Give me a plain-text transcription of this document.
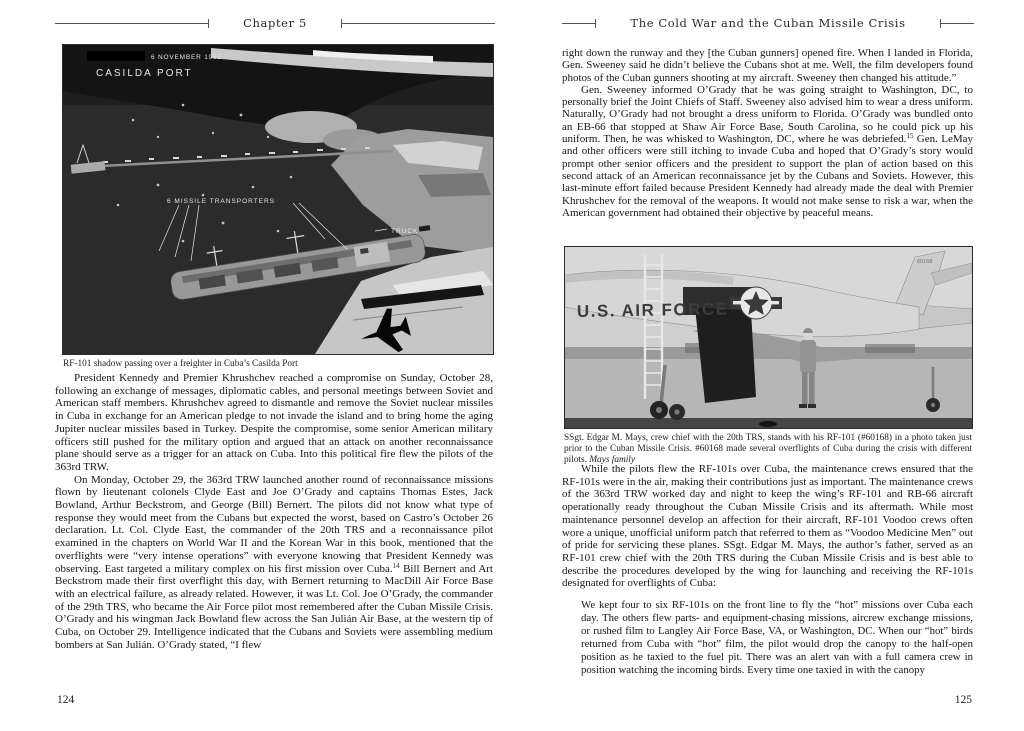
Chapter 5
6 NOVEMBER 1962
CASILDA PORT
6 MISSILE TRANSPORTERS
TRUCK
RF-101 shadow passing over a freighter in Cuba’s Casilda Port

President Kennedy and Premier Khrushchev reached a compromise on Sunday, October 28, following an exchange of messages, diplomatic cables, and personal meetings between Soviet and American staff members. Khrushchev agreed to dismantle and remove the Soviet nuclear missiles in Cuba in exchange for an American pledge to not invade the island and to bring home the aging Jupiter nuclear missiles based in Turkey. Despite the compromise, some senior American military officers still pushed for the military option and argued that an attack on another reconnaissance plane should serve as a trigger for an attack on Cuba. Into this political fire flew the pilots of the 363rd TRW.

On Monday, October 29, the 363rd TRW launched another round of reconnaissance missions flown by lieutenant colonels Clyde East and Joe O’Grady and captains Thomas Estes, Jack Bowland, Arthur Beckstrom, and George (Bill) Bernert. The pilots did not know what type of response they would meet from the Cubans but expected the worst, based on Castro’s October 26 declaration. Lt. Col. Clyde East, the commander of the 20th TRS and a reconnaissance pilot examined in the chapters on World War II and the Korean War in this book, mentioned that the overflights were “very intense operations” with everyone knowing that President Kennedy was observing. East targeted a military complex on his first mission over Cuba.$^{14}$ Bill Bernert and Art Beckstrom made their first overflight this day, with Bernert returning to MacDill Air Force Base with an electrical failure, as already related. However, it was Lt. Col. Joe O’Grady, the commander of the 29th TRS, who became the Air Force pilot most remembered after the Cuban Missile Crisis. O’Grady and his wingman Jack Bowland flew across the San Julián Air Base, at the western tip of Cuba, on October 29. Intelligence indicated that the Cubans and Soviets were assembling medium bombers at San Julián. O’Grady stated, “I flew

124
The Cold War and the Cuban Missile Crisis

right down the runway and they [the Cuban gunners] opened fire. When I landed in Florida, Gen. Sweeney said he didn’t believe the Cubans shot at me. Well, the film developers found photos of the Cuban gunners shooting at my aircraft. Sweeney then changed his attitude.”

Gen. Sweeney informed O’Grady that he was going straight to Washington, DC, to personally brief the Joint Chiefs of Staff. Sweeney also advised him to wear a dress uniform. Naturally, O’Grady had not brought a dress uniform to Florida. O’Grady was bundled onto an EB-66 that stopped at Shaw Air Force Base, South Carolina, so he could pick up his uniform. Then, he was whisked to Washington, DC, where he was debriefed.$^{15}$ Gen. LeMay and other officers were still itching to invade Cuba and hoped that O’Grady’s story would prompt other senior officers and the president to support the plan of action based on this second attack of an American reconnaissance jet by the Cubans and Soviets. However, this last-minute effort failed because President Kennedy had already made the deal with Premier Khrushchev for the removal of the weapons. It would not make sense to risk a war, when the American government had obtained their objective by peaceful means.

U.S. AIR FORCE
60168
SSgt. Edgar M. Mays, crew chief with the 20th TRS, stands with his RF-101 (#60168) in a photo taken just prior to the Cuban Missile Crisis. #60168 made several overflights of Cuba during the crisis with different pilots. Mays family

While the pilots flew the RF-101s over Cuba, the maintenance crews ensured that the RF-101s were in the air, making their contributions just as important. The maintenance crews of the 363rd TRW worked day and night to keep the wing’s RF-101 and RB-66 aircraft operationally ready throughout the Cuban Missile Crisis and its aftermath. While most maintenance personnel develop an affection for their aircraft, RF-101 Voodoo crews often wore a unique, unofficial uniform patch that referred to them as “Voodoo Medicine Men” out of pride for servicing these planes. SSgt. Edgar M. Mays, the author’s father, served as an RF-101 crew chief with the 20th TRS during the Cuban Missile Crisis and is best able to describe the procedures developed by the wing for launching and receiving the RF-101s designated for overflights of Cuba:

We kept four to six RF-101s on the front line to fly the “hot” missions over Cuba each day. The others flew parts- and equipment-chasing missions, aircrew exchange missions, or rushed film to Langley Air Force Base, VA, or Washington, DC. When our “hot” birds returned from Cuba with “hot” film, the pilot would drop the canopy to the half-open position as he taxied to the fuel pit. There was an alert van with a full camera crew in position watching the incoming birds. Every time one taxied in with the canopy
125
